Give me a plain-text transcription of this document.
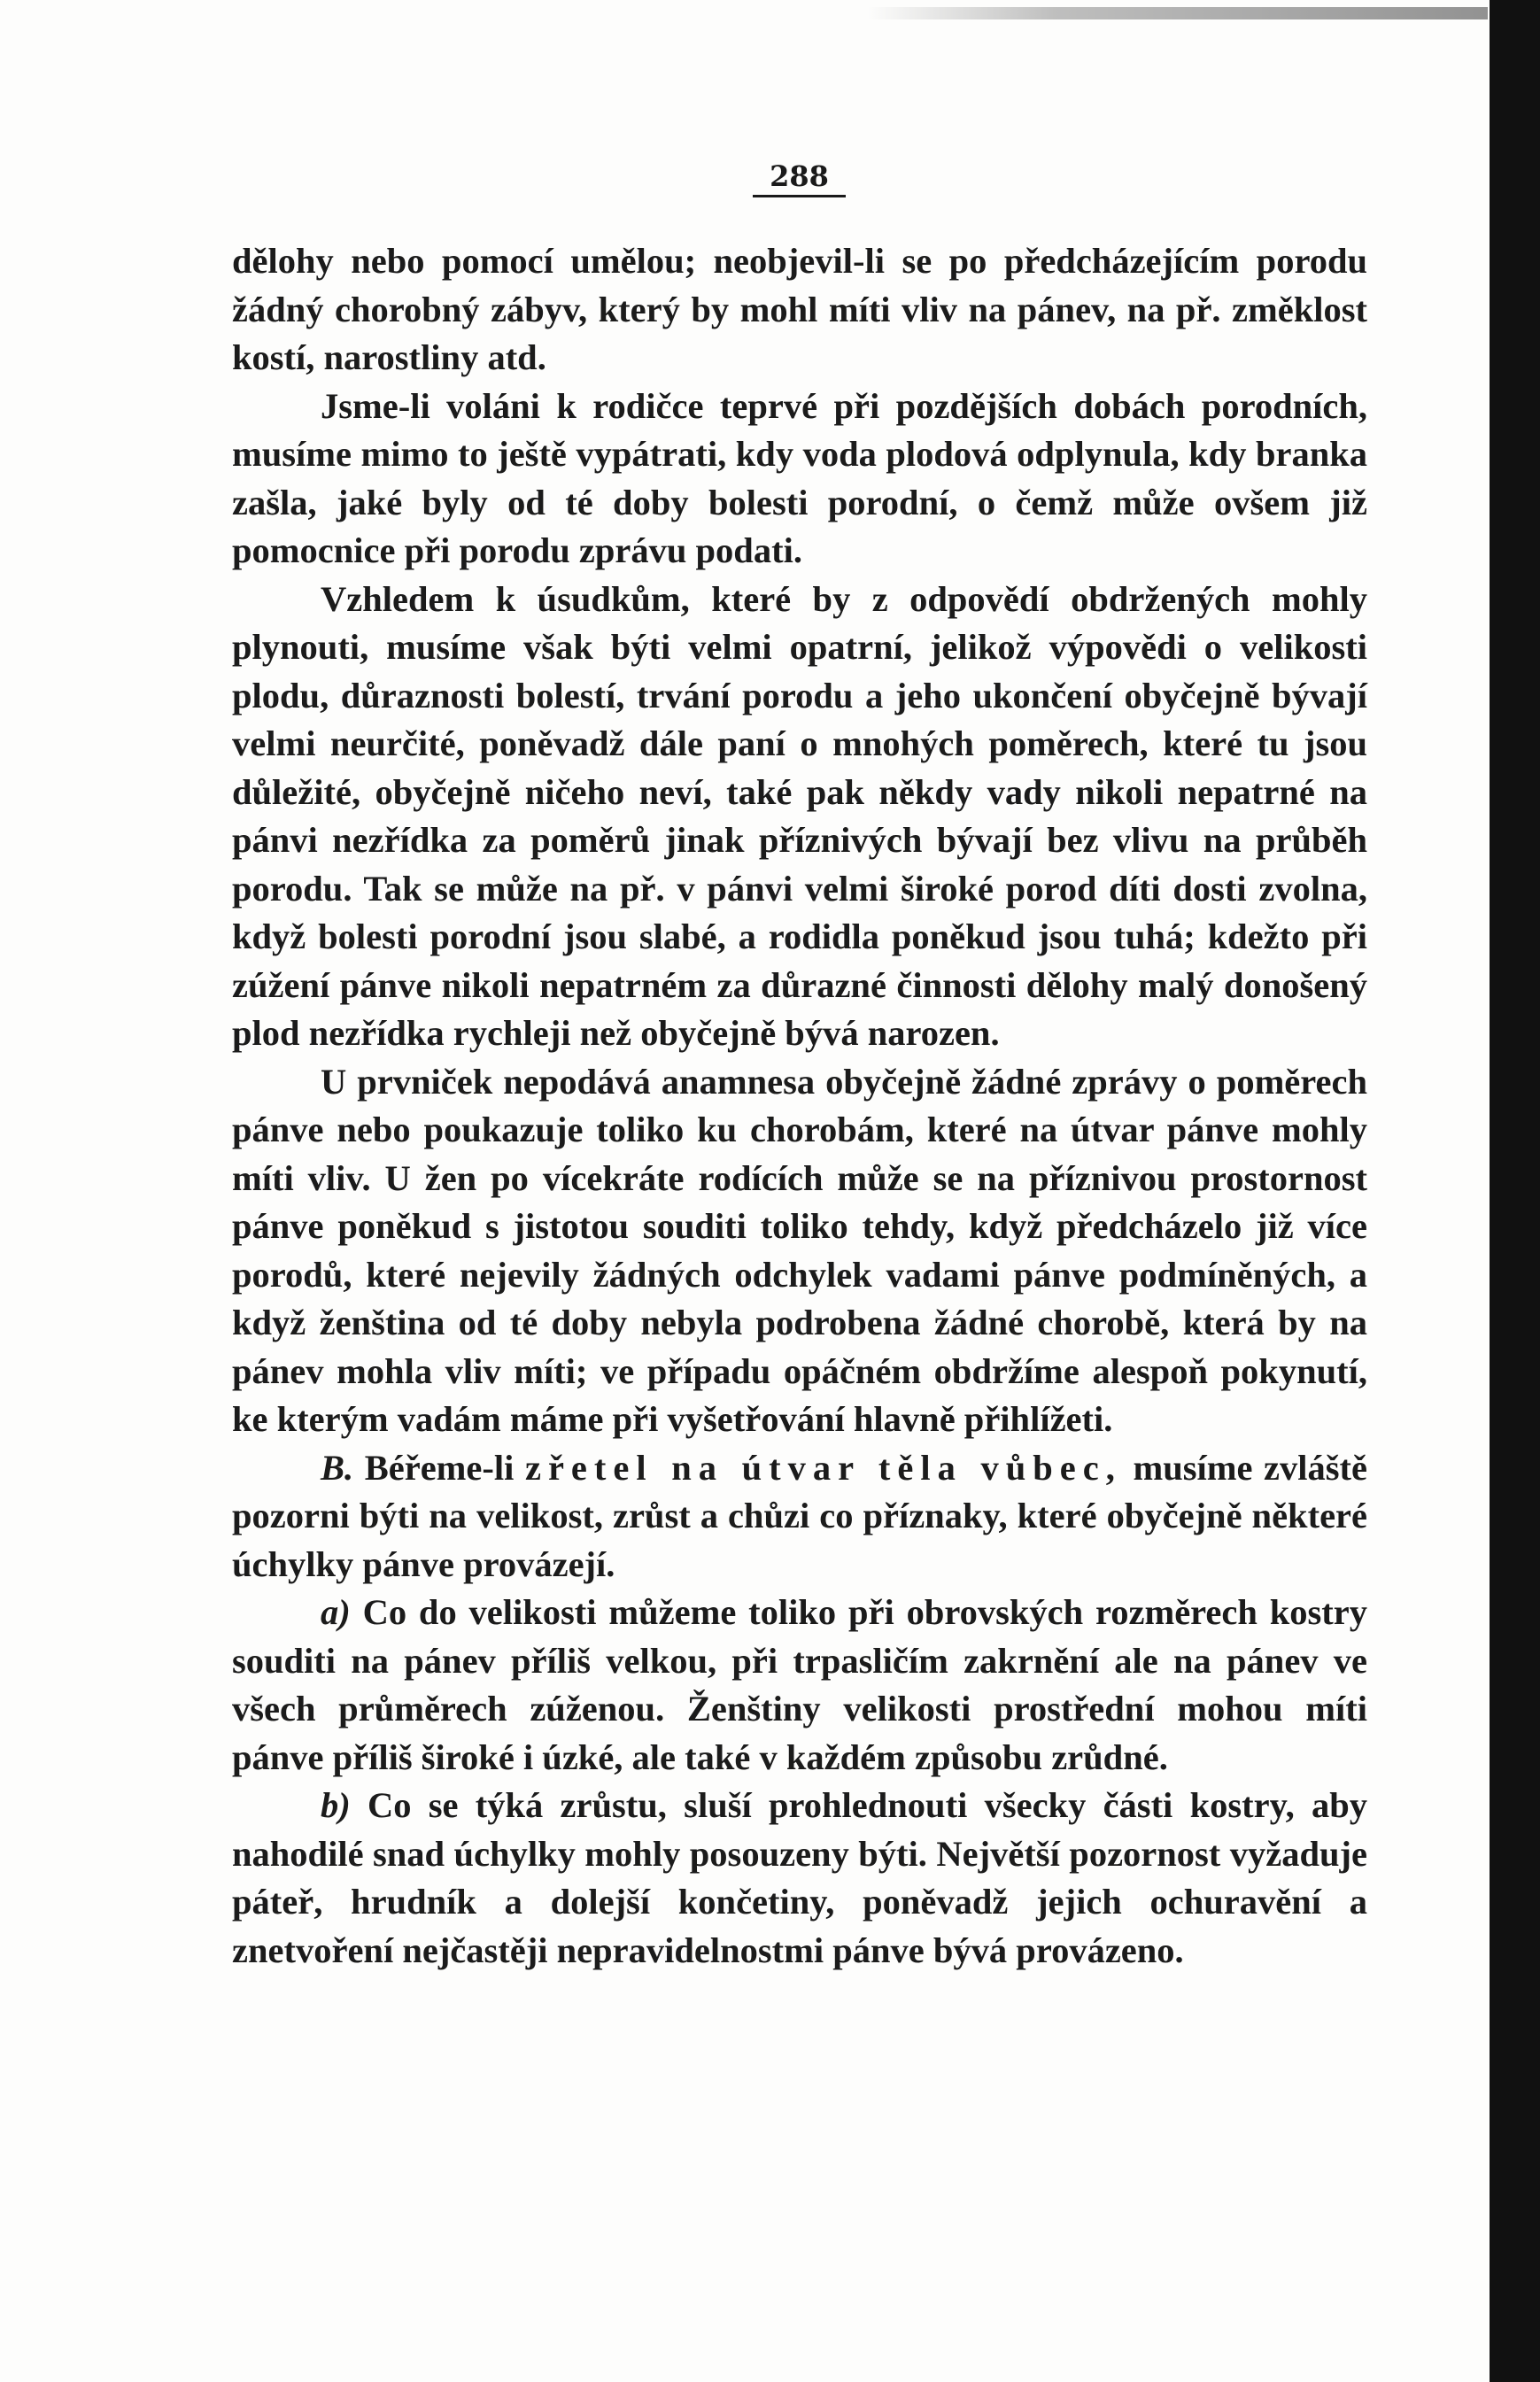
288

dělohy nebo pomocí umělou; neobjevil-li se po předcházejícím porodu žádný chorobný zábyv, který by mohl míti vliv na pánev, na př. změklost kostí, narostliny atd.

Jsme-li voláni k rodičce teprvé při pozdějších dobách porodních, musíme mimo to ještě vypátrati, kdy voda plodová odplynula, kdy branka zašla, jaké byly od té doby bolesti porodní, o čemž může ovšem již pomocnice při porodu zprávu podati.

Vzhledem k úsudkům, které by z odpovědí obdržených mohly plynouti, musíme však býti velmi opatrní, jelikož výpovědi o velikosti plodu, důraznosti bolestí, trvání porodu a jeho ukončení obyčejně bývají velmi neurčité, poněvadž dále paní o mnohých poměrech, které tu jsou důležité, obyčejně ničeho neví, také pak někdy vady nikoli nepatrné na pánvi nezřídka za poměrů jinak příznivých bývají bez vlivu na průběh porodu. Tak se může na př. v pánvi velmi široké porod díti dosti zvolna, když bolesti porodní jsou slabé, a rodidla poněkud jsou tuhá; kdežto při zúžení pánve nikoli nepatrném za důrazné činnosti dělohy malý donošený plod nezřídka rychleji než obyčejně bývá narozen.

U prvniček nepodává anamnesa obyčejně žádné zprávy o poměrech pánve nebo poukazuje toliko ku chorobám, které na útvar pánve mohly míti vliv. U žen po vícekráte rodících může se na příznivou prostornost pánve poněkud s jistotou souditi toliko tehdy, když předcházelo již více porodů, které nejevily žádných odchylek vadami pánve podmíněných, a když ženština od té doby nebyla podrobena žádné chorobě, která by na pánev mohla vliv míti; ve případu opáčném obdržíme alespoň pokynutí, ke kterým vadám máme při vyšetřování hlavně přihlížeti.

B. Béřeme-li zřetel na útvar těla vůbec, musíme zvláště pozorni býti na velikost, zrůst a chůzi co příznaky, které obyčejně některé úchylky pánve provázejí.

a) Co do velikosti můžeme toliko při obrovských rozměrech kostry souditi na pánev příliš velkou, při trpasličím zakrnění ale na pánev ve všech průměrech zúženou. Ženštiny velikosti prostřední mohou míti pánve příliš široké i úzké, ale také v každém způsobu zrůdné.

b) Co se týká zrůstu, sluší prohlednouti všecky části kostry, aby nahodilé snad úchylky mohly posouzeny býti. Největší pozornost vyžaduje páteř, hrudník a dolejší končetiny, poněvadž jejich ochuravění a znetvoření nejčastěji nepravidelnostmi pánve bývá provázeno.
